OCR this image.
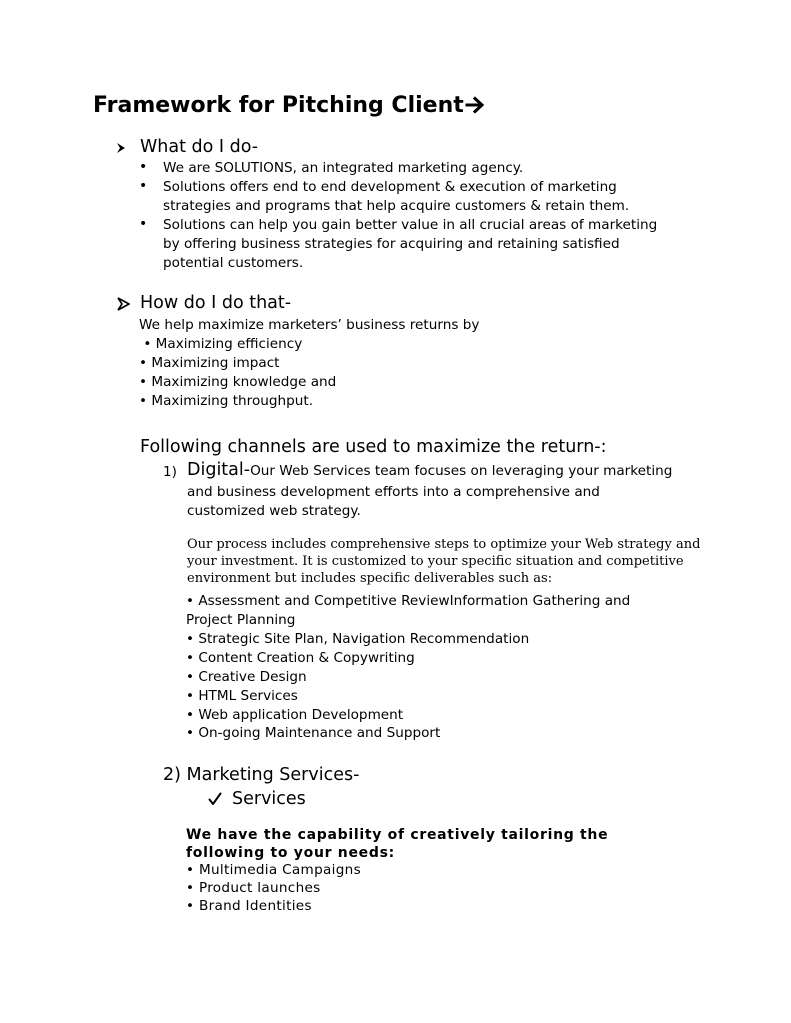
Framework for Pitching Client
What do I do-
• We are SOLUTIONS, an integrated marketing agency.
• Solutions offers end to end development & execution of marketing
strategies and programs that help acquire customers & retain them.
• Solutions can help you gain better value in all crucial areas of marketing
by offering business strategies for acquiring and retaining satisfied
potential customers.
How do I do that-
We help maximize marketers’ business returns by
• Maximizing efficiency
• Maximizing impact
• Maximizing knowledge and
• Maximizing throughput.
Following channels are used to maximize the return-:
1) Digital-Our Web Services team focuses on leveraging your marketing
and business development efforts into a comprehensive and
customized web strategy.
Our process includes comprehensive steps to optimize your Web strategy and
your investment. It is customized to your specific situation and competitive
environment but includes specific deliverables such as:
• Assessment and Competitive ReviewInformation Gathering and
Project Planning
• Strategic Site Plan, Navigation Recommendation
• Content Creation & Copywriting
• Creative Design
• HTML Services
• Web application Development
• On-going Maintenance and Support
2) Marketing Services-
Services
We have the capability of creatively tailoring the
following to your needs:
• Multimedia Campaigns
• Product launches
• Brand Identities
